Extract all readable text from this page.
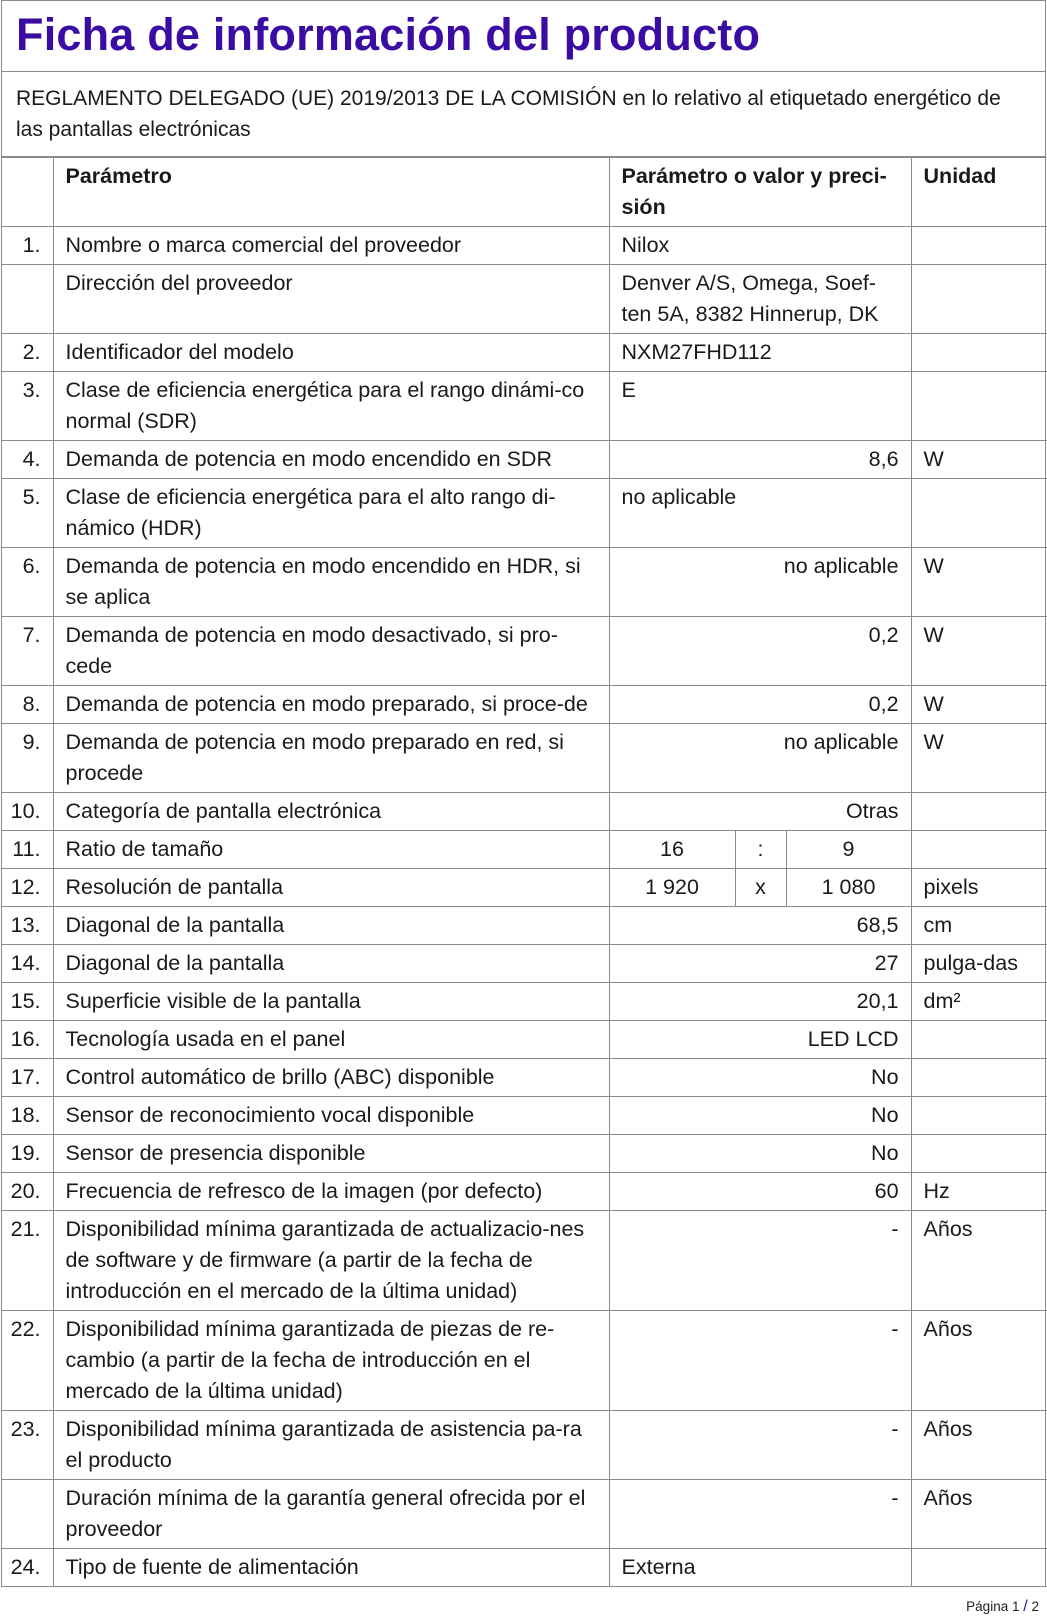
Ficha de información del producto
REGLAMENTO DELEGADO (UE) 2019/2013 DE LA COMISIÓN en lo relativo al etiquetado energético de las pantallas electrónicas
	Parámetro	Parámetro o valor y preci-sión			Unidad
1.	Nombre o marca comercial del proveedor	Nilox			
	Dirección del proveedor	Denver A/S, Omega, Soef-ten 5A, 8382 Hinnerup, DK			
2.	Identificador del modelo	NXM27FHD112			
3.	Clase de eficiencia energética para el rango dinámi-co normal (SDR)	E			
4.	Demanda de potencia en modo encendido en SDR	8,6			W
5.	Clase de eficiencia energética para el alto rango di-námico (HDR)	no aplicable			
6.	Demanda de potencia en modo encendido en HDR, si se aplica	no aplicable			W
7.	Demanda de potencia en modo desactivado, si pro-cede	0,2			W
8.	Demanda de potencia en modo preparado, si proce-de	0,2			W
9.	Demanda de potencia en modo preparado en red, si procede	no aplicable			W
10.	Categoría de pantalla electrónica	Otras			
11.	Ratio de tamaño	16	:	9	
12.	Resolución de pantalla	1 920	x	1 080	pixels
13.	Diagonal de la pantalla	68,5			cm
14.	Diagonal de la pantalla	27			pulga-das
15.	Superficie visible de la pantalla	20,1			dm²
16.	Tecnología usada en el panel	LED LCD			
17.	Control automático de brillo (ABC) disponible	No			
18.	Sensor de reconocimiento vocal disponible	No			
19.	Sensor de presencia disponible	No			
20.	Frecuencia de refresco de la imagen (por defecto)	60			Hz
21.	Disponibilidad mínima garantizada de actualizacio-nes de software y de firmware (a partir de la fecha de introducción en el mercado de la última unidad)	-			Años
22.	Disponibilidad mínima garantizada de piezas de re-cambio (a partir de la fecha de introducción en el mercado de la última unidad)	-			Años
23.	Disponibilidad mínima garantizada de asistencia pa-ra el producto	-			Años
	Duración mínima de la garantía general ofrecida por el proveedor	-			Años
24.	Tipo de fuente de alimentación	Externa			
Página 1 / 2
